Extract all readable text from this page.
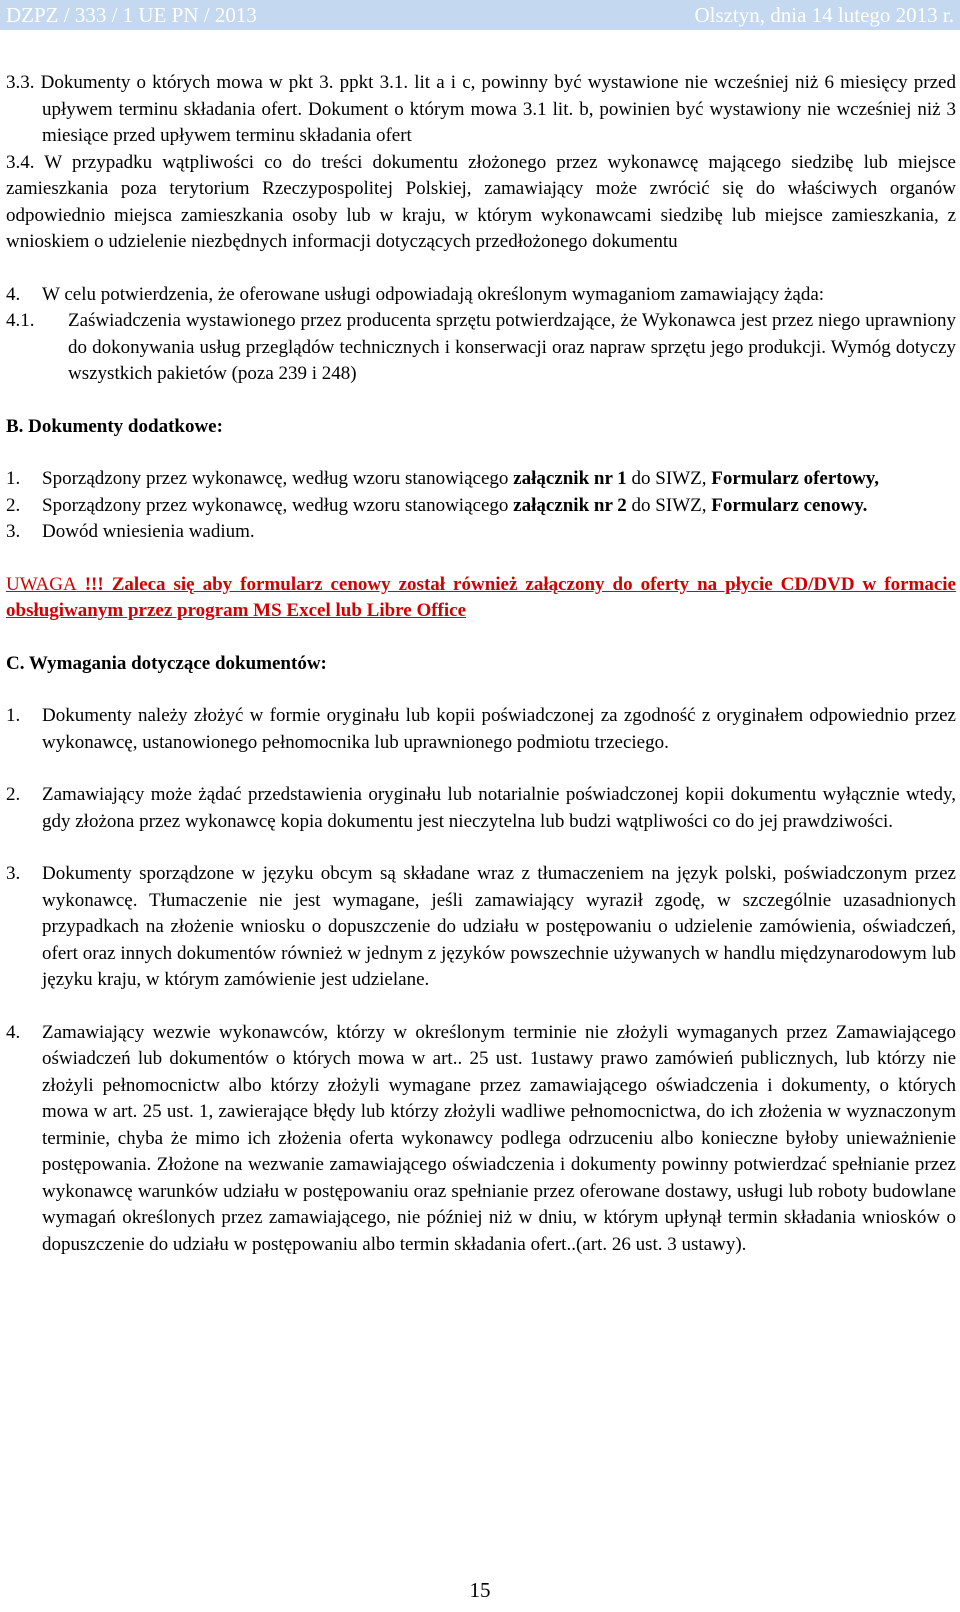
DZPZ / 333 / 1 UE PN / 2013	Olsztyn, dnia 14 lutego 2013 r.
3.3. Dokumenty o których mowa w pkt 3. ppkt 3.1. lit a i c, powinny być wystawione nie wcześniej niż 6 miesięcy przed upływem terminu składania ofert. Dokument o którym mowa 3.1 lit. b, powinien być wystawiony nie wcześniej niż 3 miesiące przed upływem terminu składania ofert
3.4. W przypadku wątpliwości co do treści dokumentu złożonego przez wykonawcę mającego siedzibę lub miejsce zamieszkania poza terytorium Rzeczypospolitej Polskiej, zamawiający może zwrócić się do właściwych organów odpowiednio miejsca zamieszkania osoby lub w kraju, w którym wykonawcami siedzibę lub miejsce zamieszkania, z wnioskiem o udzielenie niezbędnych informacji dotyczących przedłożonego dokumentu
4.	W celu potwierdzenia, że oferowane usługi odpowiadają określonym wymaganiom zamawiający żąda:
4.1.	Zaświadczenia wystawionego przez producenta sprzętu potwierdzające, że Wykonawca jest przez niego uprawniony do dokonywania usług przeglądów technicznych i konserwacji oraz napraw sprzętu jego produkcji. Wymóg dotyczy wszystkich pakietów (poza 239 i 248)
B. Dokumenty dodatkowe:
1.	Sporządzony przez wykonawcę, według wzoru stanowiącego załącznik nr 1 do SIWZ, Formularz ofertowy,
2.	Sporządzony przez wykonawcę, według wzoru stanowiącego załącznik nr 2 do SIWZ, Formularz cenowy.
3.	Dowód wniesienia wadium.
UWAGA !!! Zaleca się aby formularz cenowy został również załączony do oferty na płycie CD/DVD w formacie obsługiwanym przez program MS Excel lub Libre Office
C. Wymagania dotyczące dokumentów:
1.	Dokumenty należy złożyć w formie oryginału lub kopii poświadczonej za zgodność z oryginałem odpowiednio przez wykonawcę, ustanowionego pełnomocnika lub uprawnionego podmiotu trzeciego.
2.	Zamawiający może żądać przedstawienia oryginału lub notarialnie poświadczonej kopii dokumentu wyłącznie wtedy, gdy złożona przez wykonawcę kopia dokumentu jest nieczytelna lub budzi wątpliwości co do jej prawdziwości.
3.	Dokumenty sporządzone w języku obcym są składane wraz z tłumaczeniem na język polski, poświadczonym przez wykonawcę. Tłumaczenie nie jest wymagane, jeśli zamawiający wyraził zgodę, w szczególnie uzasadnionych przypadkach na złożenie wniosku o dopuszczenie do udziału w postępowaniu o udzielenie zamówienia, oświadczeń, ofert oraz innych dokumentów również w jednym z języków powszechnie używanych w handlu międzynarodowym lub języku kraju, w którym zamówienie jest udzielane.
4.	Zamawiający wezwie wykonawców, którzy w określonym terminie nie złożyli wymaganych przez Zamawiającego oświadczeń lub dokumentów o których mowa w art.. 25 ust. 1ustawy prawo zamówień publicznych, lub którzy nie złożyli pełnomocnictw albo którzy złożyli wymagane przez zamawiającego oświadczenia i dokumenty, o których mowa w art. 25 ust. 1, zawierające błędy lub którzy złożyli wadliwe pełnomocnictwa, do ich złożenia w wyznaczonym terminie, chyba że mimo ich złożenia oferta wykonawcy podlega odrzuceniu albo konieczne byłoby unieważnienie postępowania. Złożone na wezwanie zamawiającego oświadczenia i dokumenty powinny potwierdzać spełnianie przez wykonawcę warunków udziału w postępowaniu oraz spełnianie przez oferowane dostawy, usługi lub roboty budowlane wymagań określonych przez zamawiającego, nie później niż w dniu, w którym upłynął termin składania wniosków o dopuszczenie do udziału w postępowaniu albo termin składania ofert..(art. 26 ust. 3 ustawy).
15
